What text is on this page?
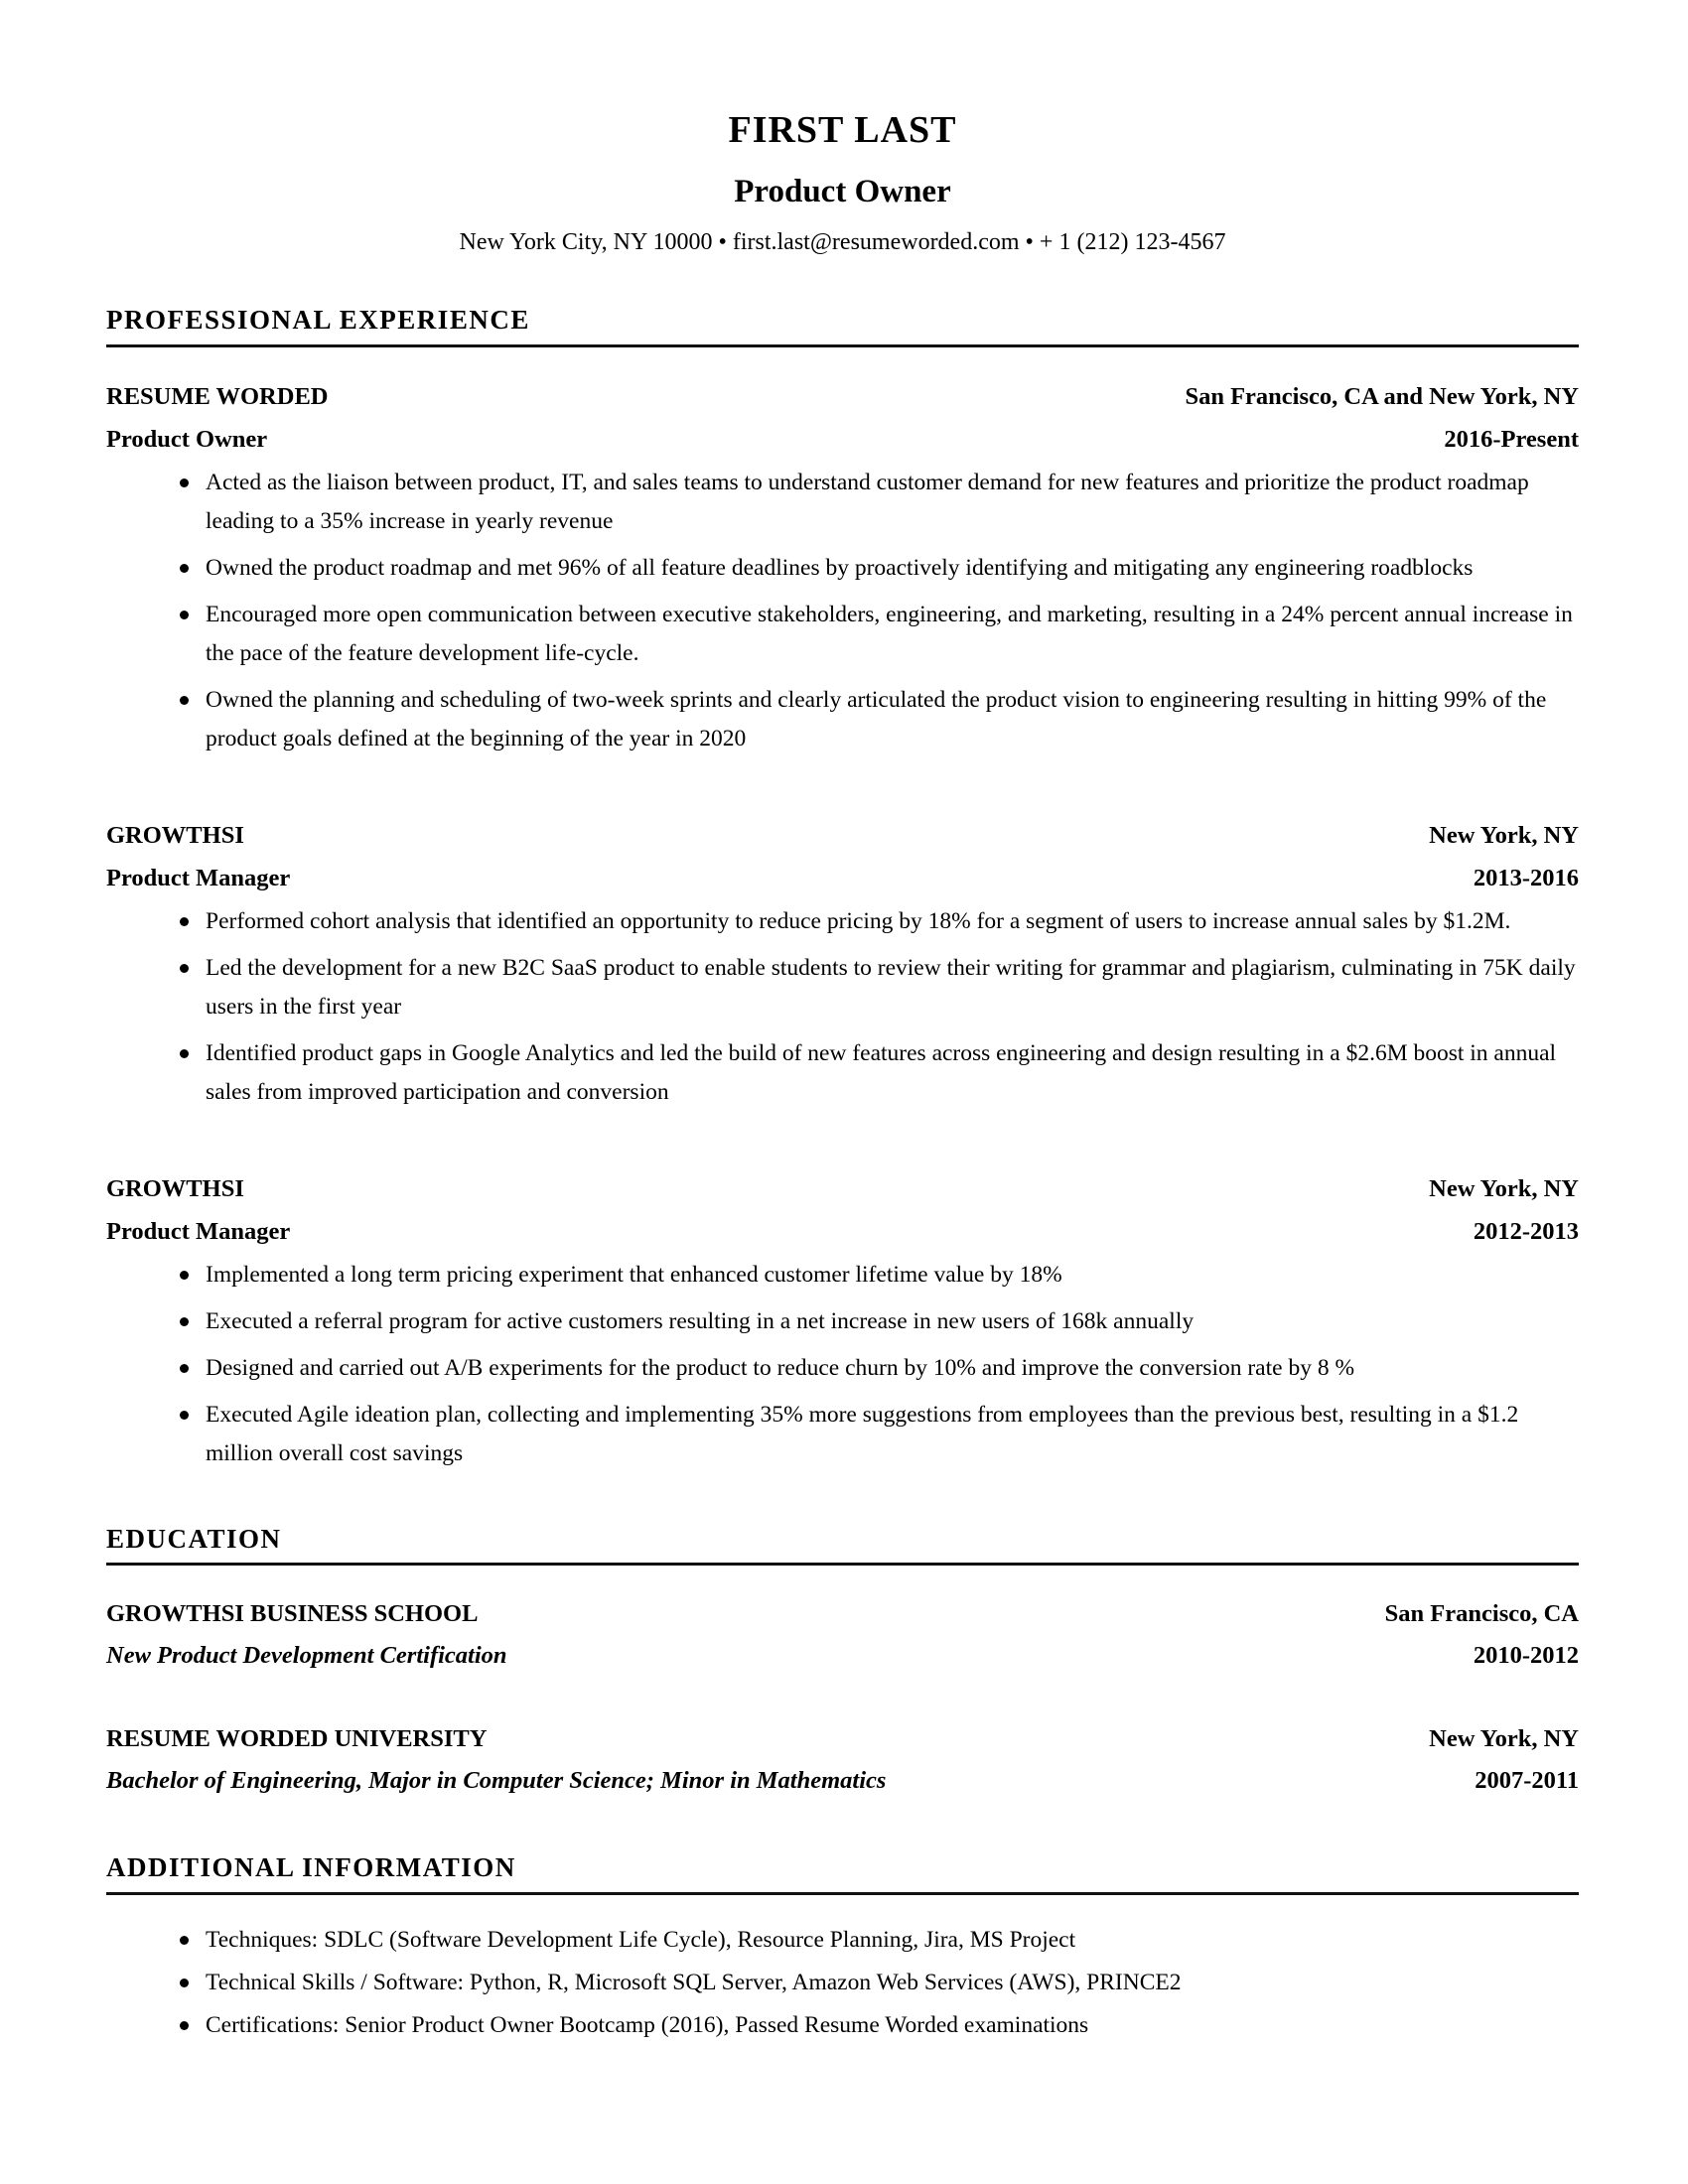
FIRST LAST
Product Owner
New York City, NY 10000 • first.last@resumeworded.com • + 1 (212) 123-4567
PROFESSIONAL EXPERIENCE
RESUME WORDED	San Francisco, CA and New York, NY
Product Owner	2016-Present
Acted as the liaison between product, IT, and sales teams to understand customer demand for new features and prioritize the product roadmap leading to a 35% increase in yearly revenue
Owned the product roadmap and met 96% of all feature deadlines by proactively identifying and mitigating any engineering roadblocks
Encouraged more open communication between executive stakeholders, engineering, and marketing, resulting in a 24% percent annual increase in the pace of the feature development life-cycle.
Owned the planning and scheduling of two-week sprints and clearly articulated the product vision to engineering resulting in hitting 99% of the product goals defined at the beginning of the year in 2020
GROWTHSI	New York, NY
Product Manager	2013-2016
Performed cohort analysis that identified an opportunity to reduce pricing by 18% for a segment of users to increase annual sales by $1.2M.
Led the development for a new B2C SaaS product to enable students to review their writing for grammar and plagiarism, culminating in 75K daily users in the first year
Identified product gaps in Google Analytics and led the build of new features across engineering and design resulting in a $2.6M boost in annual sales from improved participation and conversion
GROWTHSI	New York, NY
Product Manager	2012-2013
Implemented a long term pricing experiment that enhanced customer lifetime value by 18%
Executed a referral program for active customers resulting in a net increase in new users of 168k annually
Designed and carried out A/B experiments for the product to reduce churn by 10% and improve the conversion rate by 8 %
Executed Agile ideation plan, collecting and implementing 35% more suggestions from employees than the previous best, resulting in a $1.2 million overall cost savings
EDUCATION
GROWTHSI BUSINESS SCHOOL	San Francisco, CA
New Product Development Certification	2010-2012
RESUME WORDED UNIVERSITY	New York, NY
Bachelor of Engineering, Major in Computer Science; Minor in Mathematics	2007-2011
ADDITIONAL INFORMATION
Techniques: SDLC (Software Development Life Cycle), Resource Planning, Jira, MS Project
Technical Skills / Software: Python, R, Microsoft SQL Server, Amazon Web Services (AWS), PRINCE2
Certifications: Senior Product Owner Bootcamp (2016), Passed Resume Worded examinations
